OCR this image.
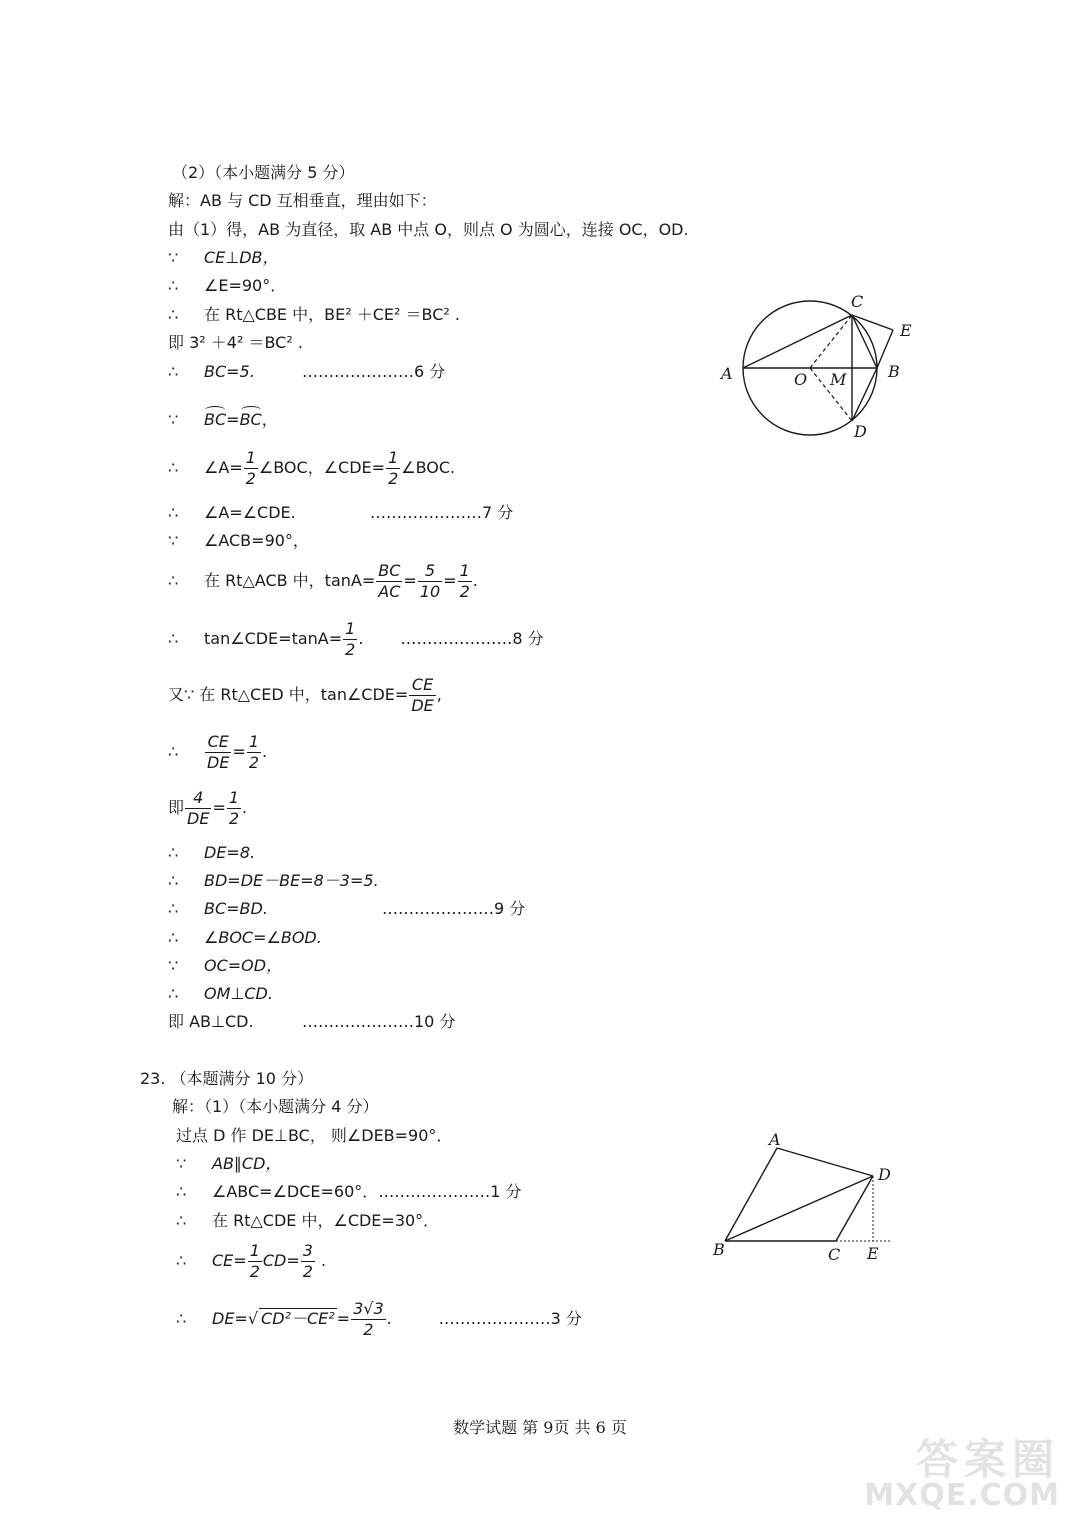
（2）（本小题满分 5 分）
解：AB 与 CD 互相垂直，理由如下：
由（1）得，AB 为直径，取 AB 中点 O，则点 O 为圆心，连接 OC，OD.
∵ CE⊥DB，
∴ ∠E=90°．
∴ 在 Rt△CBE 中，BE² ＋CE² ＝BC² .
即 3² ＋4² ＝BC² .
∴ BC=5.	…………………6 分
∵ BC=BC，
∴ ∠A= $\frac{1}{2}$ ∠BOC，∠CDE= $\frac{1}{2}$ ∠BOC.
∴ ∠A=∠CDE.	…………………7 分
∵ ∠ACB=90°，
∴ 在 Rt△ACB 中，$\tan A= \frac{BC}{AC} = \frac{5}{10} = \frac{1}{2}$ .
∴ tan∠CDE=tanA= $\frac{1}{2}$ . …………………8 分
又∵ 在 Rt△CED 中，tan∠CDE= $\frac{CE}{DE}$ ,
∴ $\frac{CE}{DE} = \frac{1}{2}$ .
即 $\frac{4}{DE} = \frac{1}{2}$ .
∴ DE=8.
∴ BD=DE－BE=8－3=5.
∴ BC=BD.	…………………9 分
∴ ∠BOC=∠BOD.
∵ OC=OD，
∴ OM⊥CD.
即 AB⊥CD.	…………………10 分
A	O M	B
C
E
D
23. （本题满分 10 分）
解：（1）（本小题满分 4 分）
过点 D 作 DE⊥BC， 则∠DEB=90°．
∵ AB∥CD，
∴ ∠ABC=∠DCE=60°．…………………1 分
∴ 在 Rt△CDE 中，∠CDE=30°．
∴ $CE= \frac{1}{2} CD= \frac{3}{2}$ .
∴ DE=√ $CD^2-CE^2 = \frac{3√3}{2}$ .	…………………3 分
A
B	C
D
E
数学试题 第 9页 共 6 页
答案圈
MXQE.COM
